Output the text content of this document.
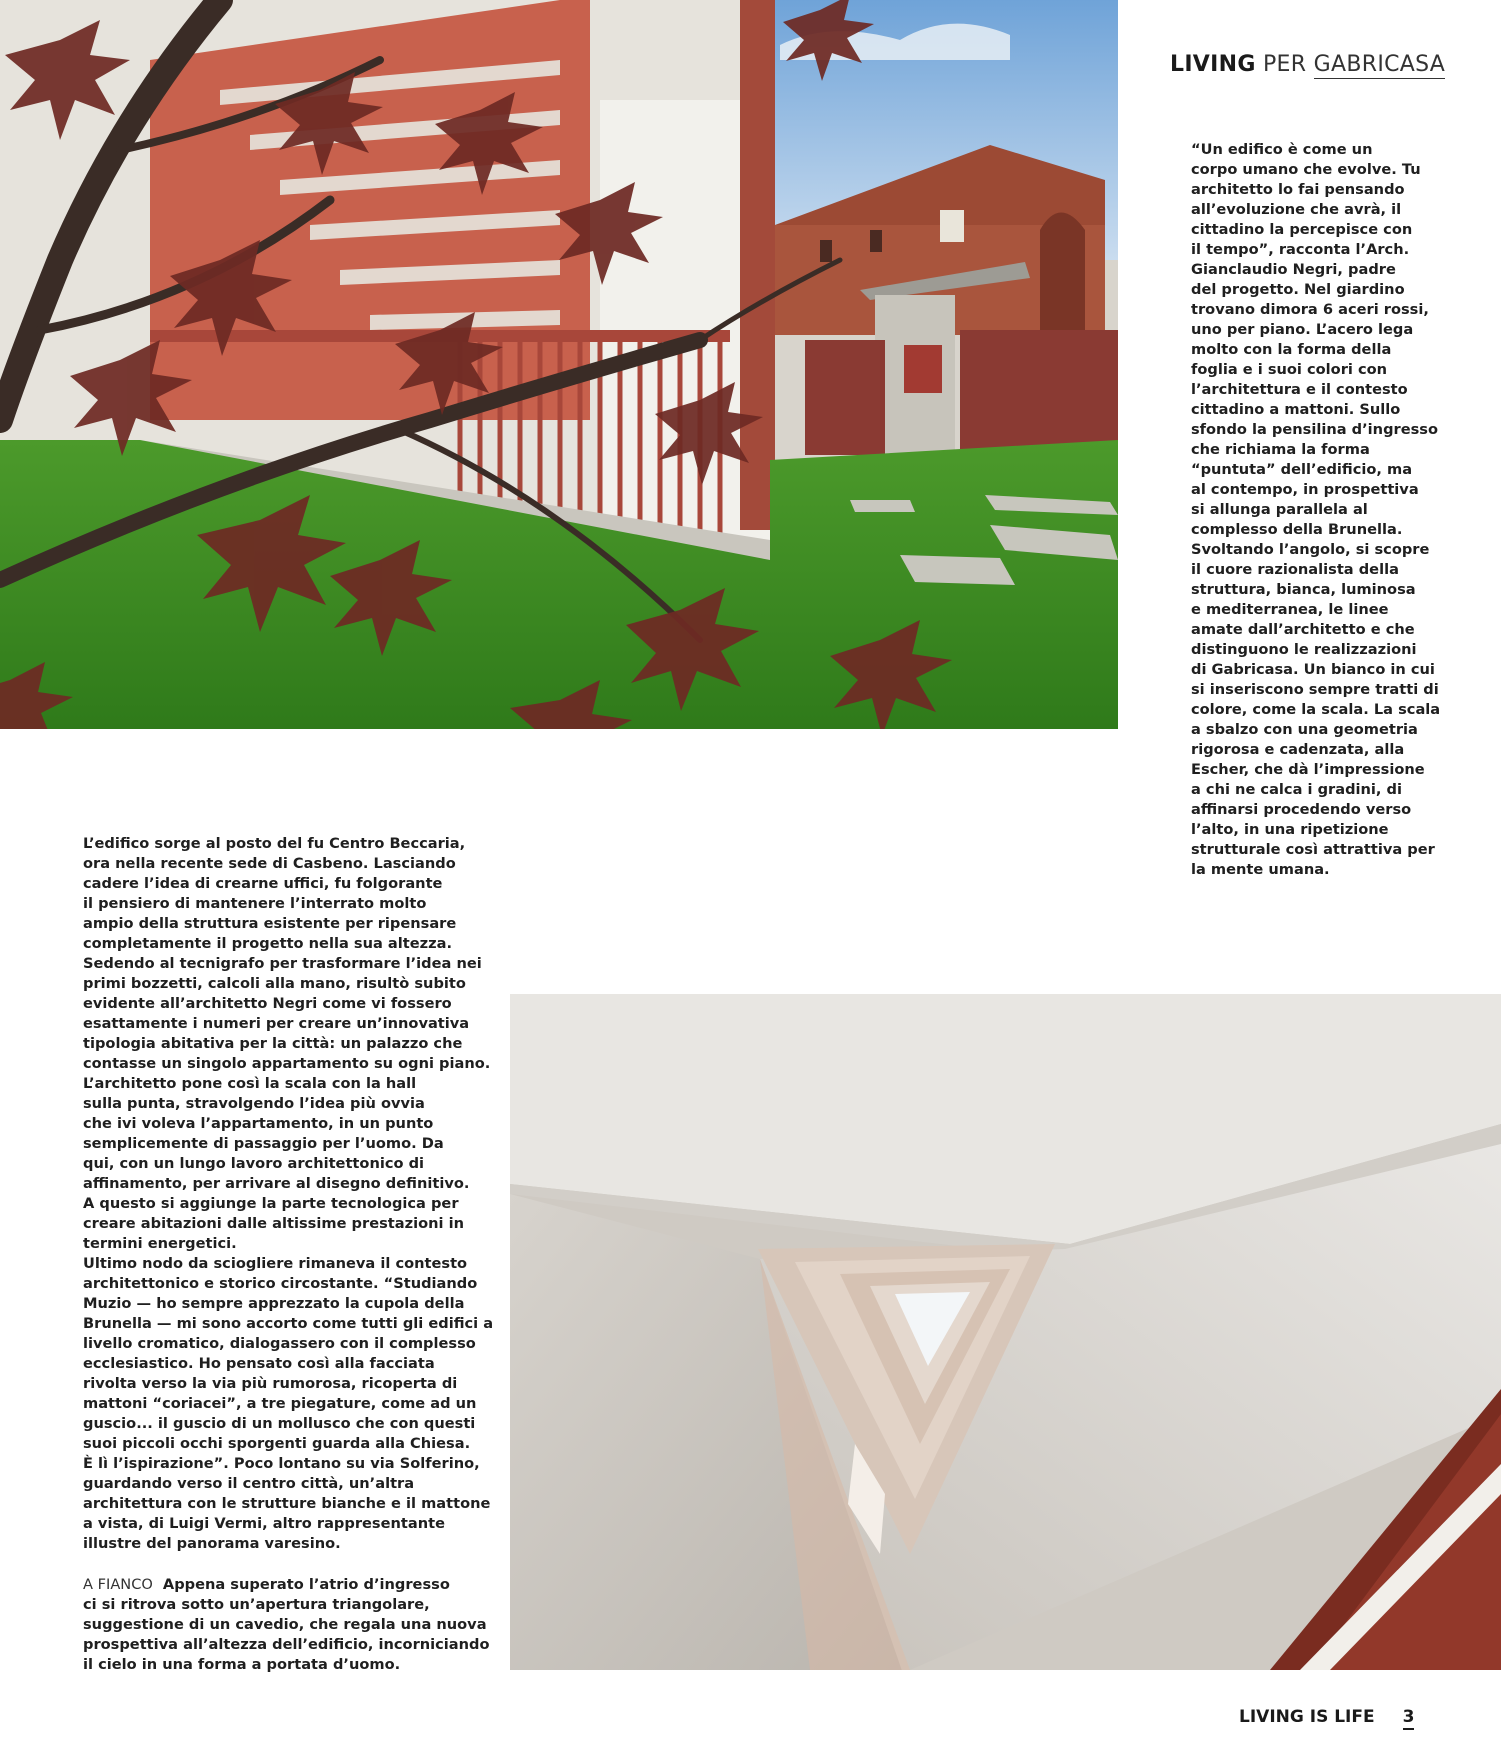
LIVING PER GABRICASA
“Un edifico è come un
corpo umano che evolve. Tu
architetto lo fai pensando
all’evoluzione che avrà, il
cittadino la percepisce con
il tempo”, racconta l’Arch.
Gianclaudio Negri, padre
del progetto. Nel giardino
trovano dimora 6 aceri rossi,
uno per piano. L’acero lega
molto con la forma della
foglia e i suoi colori con
l’architettura e il contesto
cittadino a mattoni. Sullo
sfondo la pensilina d’ingresso
che richiama la forma
“puntuta” dell’edificio, ma
al contempo, in prospettiva
si allunga parallela al
complesso della Brunella.
Svoltando l’angolo, si scopre
il cuore razionalista della
struttura, bianca, luminosa
e mediterranea, le linee
amate dall’architetto e che
distinguono le realizzazioni
di Gabricasa. Un bianco in cui
si inseriscono sempre tratti di
colore, come la scala. La scala
a sbalzo con una geometria
rigorosa e cadenzata, alla
Escher, che dà l’impressione
a chi ne calca i gradini, di
affinarsi procedendo verso
l’alto, in una ripetizione
strutturale così attrattiva per
la mente umana.
L’edifico sorge al posto del fu Centro Beccaria,
ora nella recente sede di Casbeno. Lasciando
cadere l’idea di crearne uffici, fu folgorante
il pensiero di mantenere l’interrato molto
ampio della struttura esistente per ripensare
completamente il progetto nella sua altezza.
Sedendo al tecnigrafo per trasformare l’idea nei
primi bozzetti, calcoli alla mano, risultò subito
evidente all’architetto Negri come vi fossero
esattamente i numeri per creare un’innovativa
tipologia abitativa per la città: un palazzo che
contasse un singolo appartamento su ogni piano.
L’architetto pone così la scala con la hall
sulla punta, stravolgendo l’idea più ovvia
che ivi voleva l’appartamento, in un punto
semplicemente di passaggio per l’uomo. Da
qui, con un lungo lavoro architettonico di
affinamento, per arrivare al disegno definitivo.
A questo si aggiunge la parte tecnologica per
creare abitazioni dalle altissime prestazioni in
termini energetici.
Ultimo nodo da sciogliere rimaneva il contesto
architettonico e storico circostante. “Studiando
Muzio — ho sempre apprezzato la cupola della
Brunella — mi sono accorto come tutti gli edifici a
livello cromatico, dialogassero con il complesso
ecclesiastico. Ho pensato così alla facciata
rivolta verso la via più rumorosa, ricoperta di
mattoni “coriacei”, a tre piegature, come ad un
guscio... il guscio di un mollusco che con questi
suoi piccoli occhi sporgenti guarda alla Chiesa.
È lì l’ispirazione”. Poco lontano su via Solferino,
guardando verso il centro città, un’altra
architettura con le strutture bianche e il mattone
a vista, di Luigi Vermi, altro rappresentante
illustre del panorama varesino.
A FIANCO Appena superato l’atrio d’ingresso
ci si ritrova sotto un’apertura triangolare,
suggestione di un cavedio, che regala una nuova
prospettiva all’altezza dell’edificio, incorniciando
il cielo in una forma a portata d’uomo.
LIVING IS LIFE 3
